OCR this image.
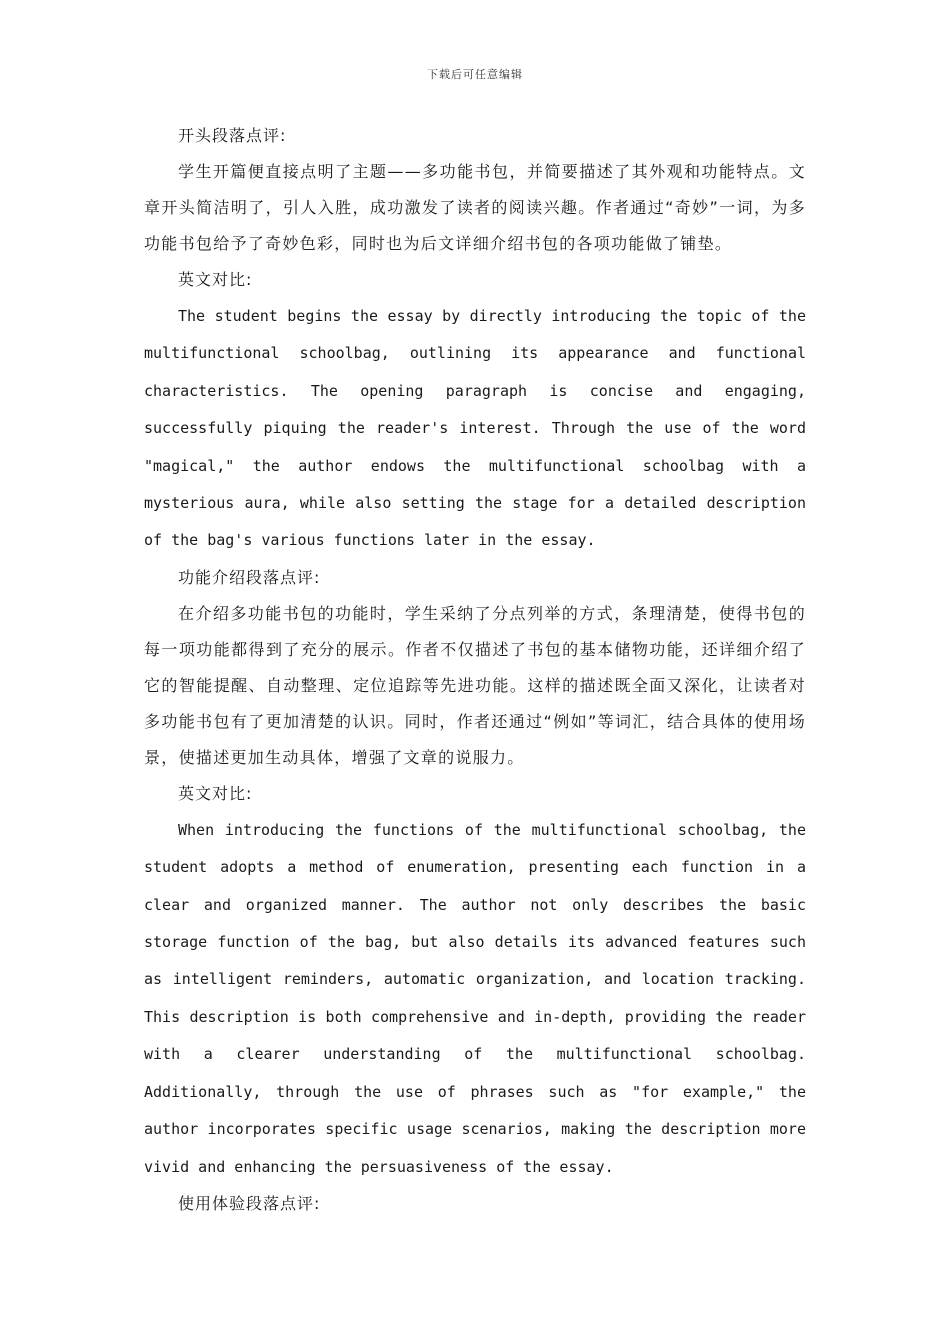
下载后可任意编辑

开头段落点评:

学生开篇便直接点明了主题——多功能书包，并简要描述了其外观和功能特点。文章开头简洁明了，引人入胜，成功激发了读者的阅读兴趣。作者通过“奇妙”一词，为多功能书包给予了奇妙色彩，同时也为后文详细介绍书包的各项功能做了铺垫。

英文对比:

The student begins the essay by directly introducing the topic of the multifunctional schoolbag, outlining its appearance and functional characteristics. The opening paragraph is concise and engaging, successfully piquing the reader's interest. Through the use of the word "magical," the author endows the multifunctional schoolbag with a mysterious aura, while also setting the stage for a detailed description of the bag's various functions later in the essay.

功能介绍段落点评:

在介绍多功能书包的功能时，学生采纳了分点列举的方式，条理清楚，使得书包的每一项功能都得到了充分的展示。作者不仅描述了书包的基本储物功能，还详细介绍了它的智能提醒、自动整理、定位追踪等先进功能。这样的描述既全面又深化，让读者对多功能书包有了更加清楚的认识。同时，作者还通过“例如”等词汇，结合具体的使用场景，使描述更加生动具体，增强了文章的说服力。

英文对比:

When introducing the functions of the multifunctional schoolbag, the student adopts a method of enumeration, presenting each function in a clear and organized manner. The author not only describes the basic storage function of the bag, but also details its advanced features such as intelligent reminders, automatic organization, and location tracking. This description is both comprehensive and in-depth, providing the reader with a clearer understanding of the multifunctional schoolbag. Additionally, through the use of phrases such as "for example," the author incorporates specific usage scenarios, making the description more vivid and enhancing the persuasiveness of the essay.

使用体验段落点评:
